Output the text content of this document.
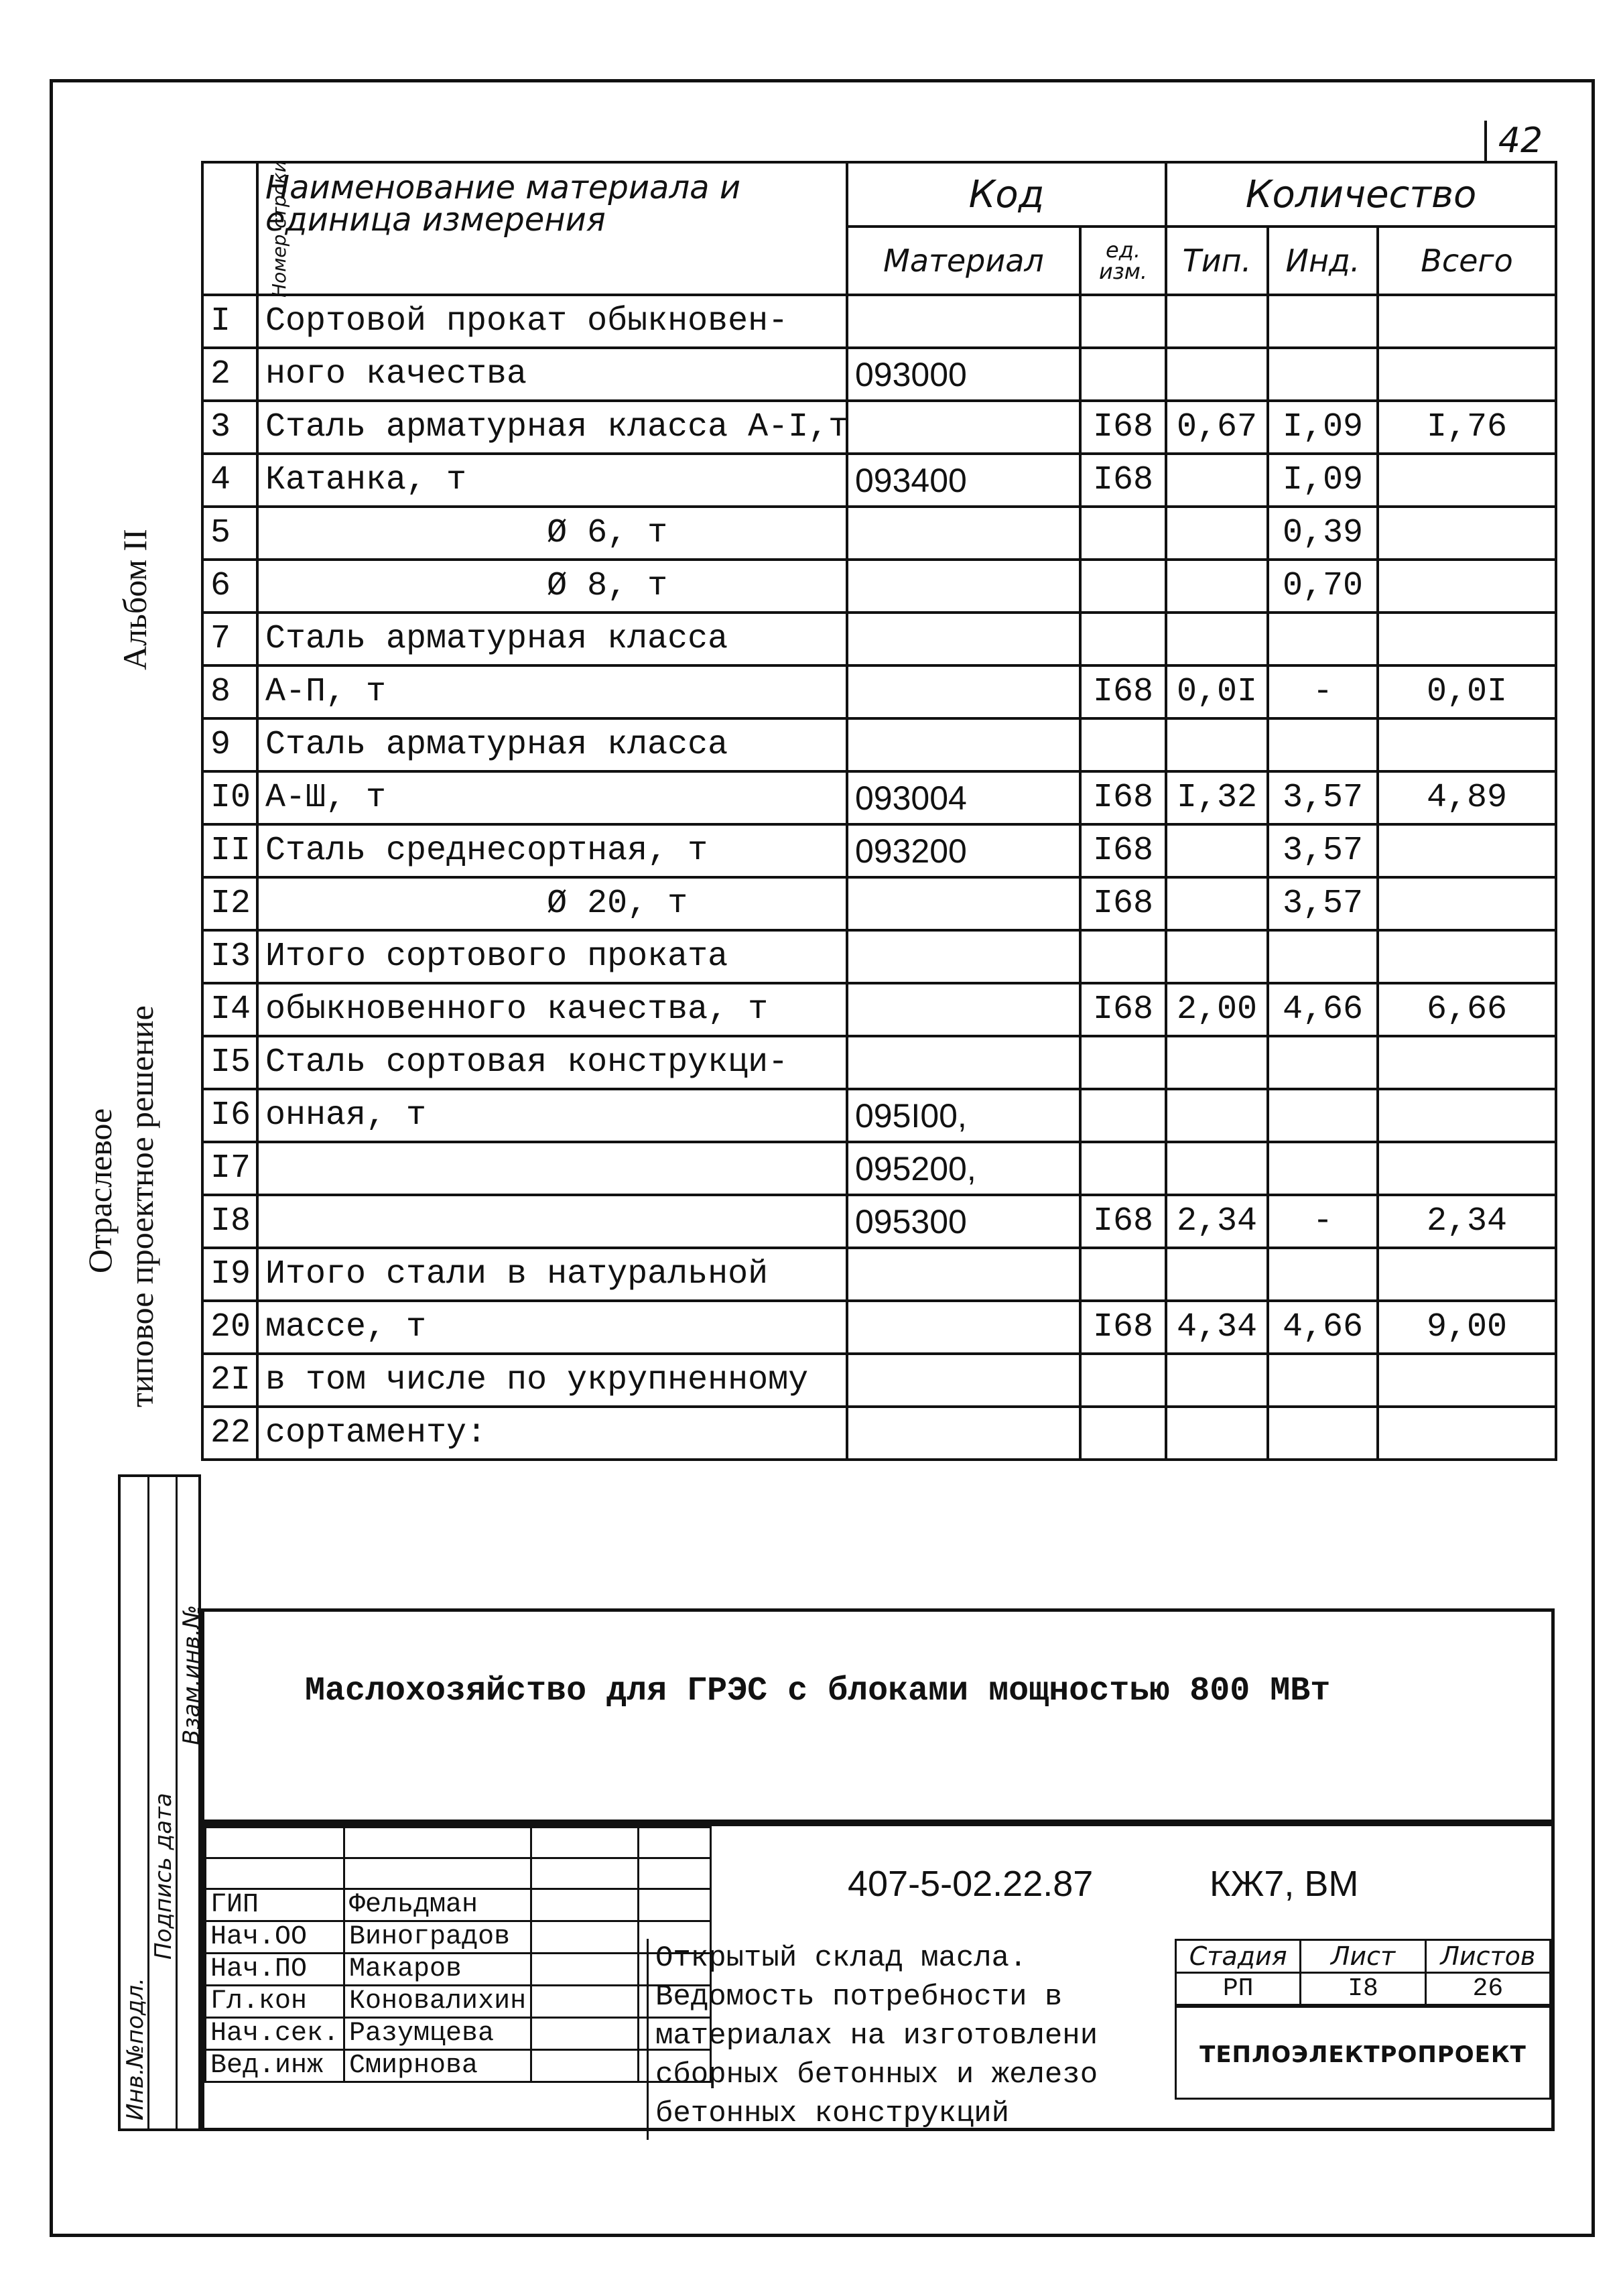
42
Альбом II
Отраслевое типовое проектное решение
Номер строки	Наименование материала и единица измерения	Код		Количество		
		Материал	ед. изм.	Тип.	Инд.	Всего
I	Сортовой прокат обыкновен-					
2	ного качества	093000				
3	Сталь арматурная класса А-I,т		I68	0,67	I,09	I,76
4	Катанка, т	093400	I68		I,09	
5	Ø 6, т				0,39	
6	Ø 8, т				0,70	
7	Сталь арматурная класса					
8	А-П, т		I68	0,0I	-	0,0I
9	Сталь арматурная класса					
I0	А-Ш, т	093004	I68	I,32	3,57	4,89
II	Сталь среднесортная, т	093200	I68		3,57	
I2	Ø 20, т		I68		3,57	
I3	Итого сортового проката					
I4	обыкновенного качества, т		I68	2,00	4,66	6,66
I5	Сталь сортовая конструкци-					
I6	онная, т	095I00,				
I7		095200,				
I8		095300	I68	2,34	-	2,34
I9	Итого стали в натуральной					
20	массе, т		I68	4,34	4,66	9,00
2I	в том числе по укрупненному					
22	сортаменту:					
Маслохозяйство для ГРЭС с блоками мощностью 800 МВт

ГИП	Фельдман		
Нач.ОО	Виноградов		
Нач.ПО	Макаров		
Гл.кон	Коновалихин		
Нач.сек.	Разумцева		
Вед.инж	Смирнова		
407-5-02.22.87	КЖ7, ВМ
Открытый склад масла.
Ведомость потребности в
материалах на изготовлени
сборных бетонных и железо
бетонных конструкций
Стадия	Лист	Листов
РП	I8	26
ТЕПЛОЭЛЕКТРОПРОЕКТ
Инв.№подл.
Подпись дата
Взам.инв.№
